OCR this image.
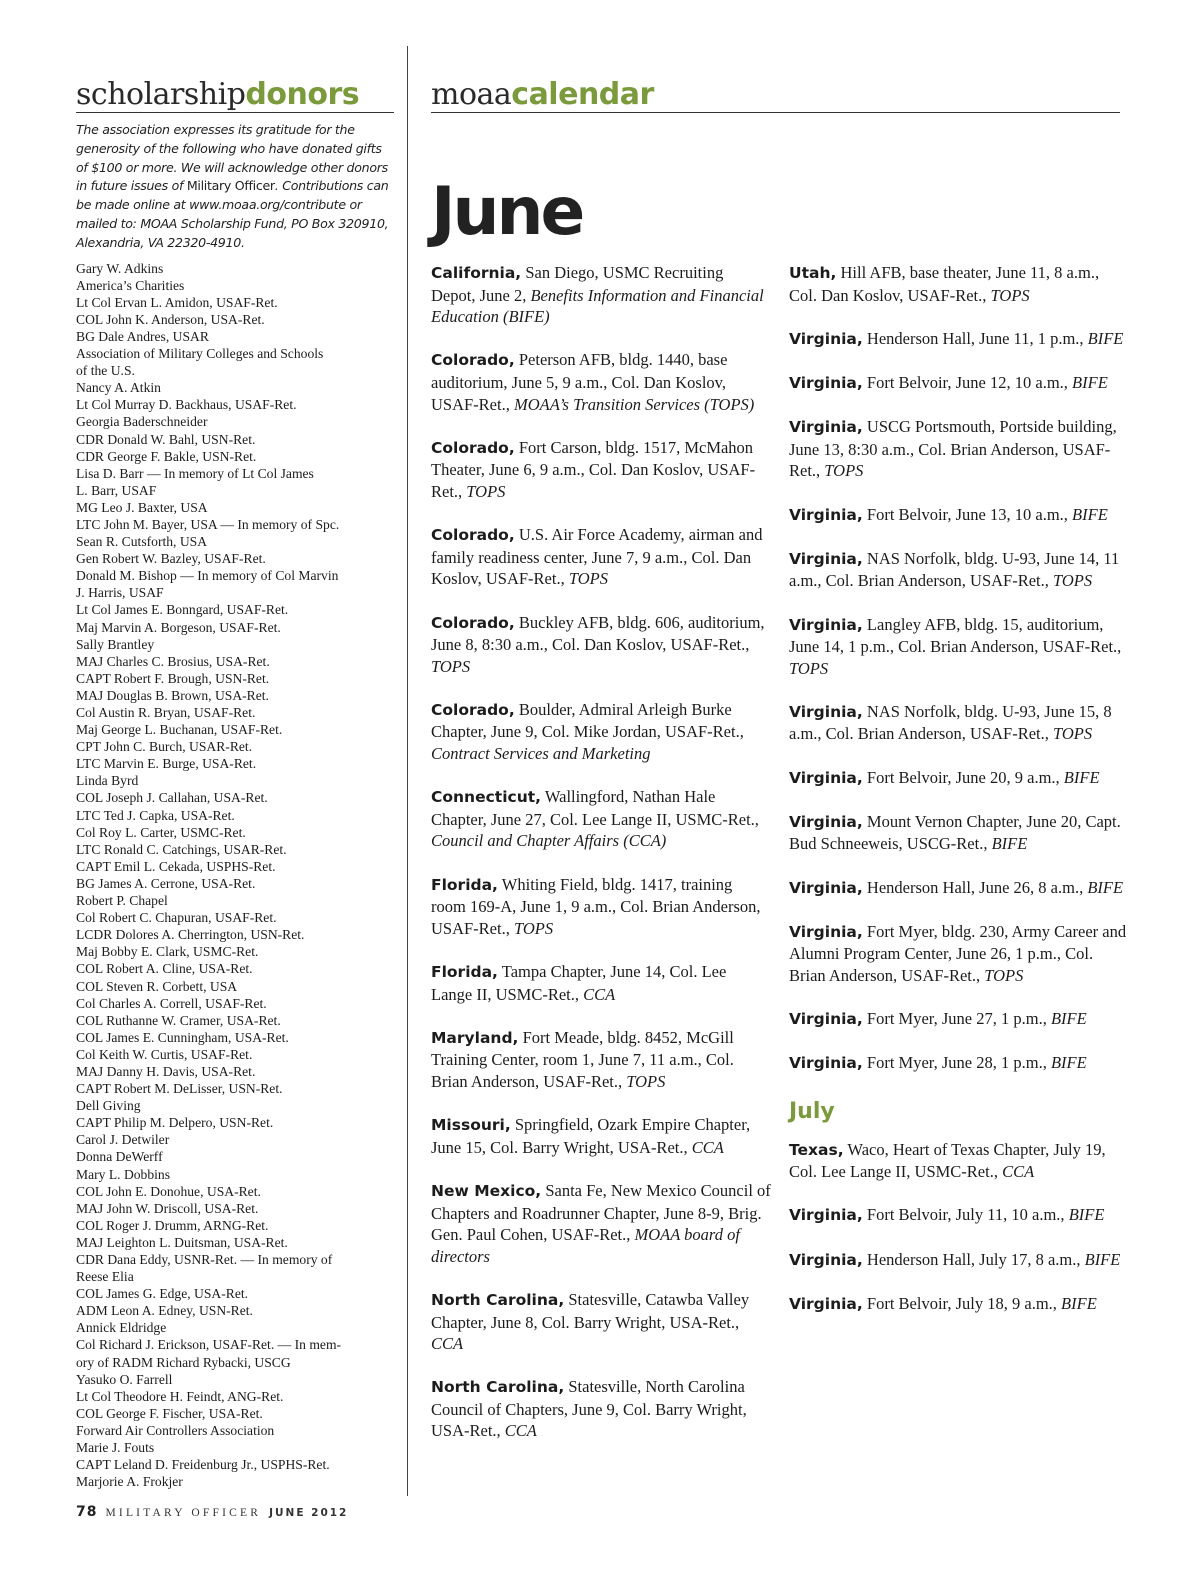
scholarshipdonors
The association expresses its gratitude for the generosity of the following who have donated gifts of $100 or more. We will acknowledge other donors in future issues of Military Officer. Contributions can be made online at www.moaa.org/contribute or mailed to: MOAA Scholarship Fund, PO Box 320910, Alexandria, VA 22320-4910.
Gary W. Adkins
America’s Charities
Lt Col Ervan L. Amidon, USAF-Ret.
COL John K. Anderson, USA-Ret.
BG Dale Andres, USAR
Association of Military Colleges and Schools
of the U.S.
Nancy A. Atkin
Lt Col Murray D. Backhaus, USAF-Ret.
Georgia Baderschneider
CDR Donald W. Bahl, USN-Ret.
CDR George F. Bakle, USN-Ret.
Lisa D. Barr — In memory of Lt Col James
L. Barr, USAF
MG Leo J. Baxter, USA
LTC John M. Bayer, USA — In memory of Spc.
Sean R. Cutsforth, USA
Gen Robert W. Bazley, USAF-Ret.
Donald M. Bishop — In memory of Col Marvin
J. Harris, USAF
Lt Col James E. Bonngard, USAF-Ret.
Maj Marvin A. Borgeson, USAF-Ret.
Sally Brantley
MAJ Charles C. Brosius, USA-Ret.
CAPT Robert F. Brough, USN-Ret.
MAJ Douglas B. Brown, USA-Ret.
Col Austin R. Bryan, USAF-Ret.
Maj George L. Buchanan, USAF-Ret.
CPT John C. Burch, USAR-Ret.
LTC Marvin E. Burge, USA-Ret.
Linda Byrd
COL Joseph J. Callahan, USA-Ret.
LTC Ted J. Capka, USA-Ret.
Col Roy L. Carter, USMC-Ret.
LTC Ronald C. Catchings, USAR-Ret.
CAPT Emil L. Cekada, USPHS-Ret.
BG James A. Cerrone, USA-Ret.
Robert P. Chapel
Col Robert C. Chapuran, USAF-Ret.
LCDR Dolores A. Cherrington, USN-Ret.
Maj Bobby E. Clark, USMC-Ret.
COL Robert A. Cline, USA-Ret.
COL Steven R. Corbett, USA
Col Charles A. Correll, USAF-Ret.
COL Ruthanne W. Cramer, USA-Ret.
COL James E. Cunningham, USA-Ret.
Col Keith W. Curtis, USAF-Ret.
MAJ Danny H. Davis, USA-Ret.
CAPT Robert M. DeLisser, USN-Ret.
Dell Giving
CAPT Philip M. Delpero, USN-Ret.
Carol J. Detwiler
Donna DeWerff
Mary L. Dobbins
COL John E. Donohue, USA-Ret.
MAJ John W. Driscoll, USA-Ret.
COL Roger J. Drumm, ARNG-Ret.
MAJ Leighton L. Duitsman, USA-Ret.
CDR Dana Eddy, USNR-Ret. — In memory of
Reese Elia
COL James G. Edge, USA-Ret.
ADM Leon A. Edney, USN-Ret.
Annick Eldridge
Col Richard J. Erickson, USAF-Ret. — In mem-
ory of RADM Richard Rybacki, USCG
Yasuko O. Farrell
Lt Col Theodore H. Feindt, ANG-Ret.
COL George F. Fischer, USA-Ret.
Forward Air Controllers Association
Marie J. Fouts
CAPT Leland D. Freidenburg Jr., USPHS-Ret.
Marjorie A. Frokjer
moaacalendar
June
California, San Diego, USMC Recruiting Depot, June 2, Benefits Information and Financial Education (BIFE)
Colorado, Peterson AFB, bldg. 1440, base auditorium, June 5, 9 a.m., Col. Dan Koslov, USAF-Ret., MOAA’s Transition Services (TOPS)
Colorado, Fort Carson, bldg. 1517, McMahon Theater, June 6, 9 a.m., Col. Dan Koslov, USAF-Ret., TOPS
Colorado, U.S. Air Force Academy, airman and family readiness center, June 7, 9 a.m., Col. Dan Koslov, USAF-Ret., TOPS
Colorado, Buckley AFB, bldg. 606, auditorium, June 8, 8:30 a.m., Col. Dan Koslov, USAF-Ret., TOPS
Colorado, Boulder, Admiral Arleigh Burke Chapter, June 9, Col. Mike Jordan, USAF-Ret., Contract Services and Marketing
Connecticut, Wallingford, Nathan Hale Chapter, June 27, Col. Lee Lange II, USMC-Ret., Council and Chapter Affairs (CCA)
Florida, Whiting Field, bldg. 1417, training room 169-A, June 1, 9 a.m., Col. Brian Anderson, USAF-Ret., TOPS
Florida, Tampa Chapter, June 14, Col. Lee Lange II, USMC-Ret., CCA
Maryland, Fort Meade, bldg. 8452, McGill Training Center, room 1, June 7, 11 a.m., Col. Brian Anderson, USAF-Ret., TOPS
Missouri, Springfield, Ozark Empire Chapter, June 15, Col. Barry Wright, USA-Ret., CCA
New Mexico, Santa Fe, New Mexico Council of Chapters and Roadrunner Chapter, June 8-9, Brig. Gen. Paul Cohen, USAF-Ret., MOAA board of directors
North Carolina, Statesville, Catawba Valley Chapter, June 8, Col. Barry Wright, USA-Ret., CCA
North Carolina, Statesville, North Carolina Council of Chapters, June 9, Col. Barry Wright, USA-Ret., CCA
Utah, Hill AFB, base theater, June 11, 8 a.m., Col. Dan Koslov, USAF-Ret., TOPS
Virginia, Henderson Hall, June 11, 1 p.m., BIFE
Virginia, Fort Belvoir, June 12, 10 a.m., BIFE
Virginia, USCG Portsmouth, Portside building, June 13, 8:30 a.m., Col. Brian Anderson, USAF-Ret., TOPS
Virginia, Fort Belvoir, June 13, 10 a.m., BIFE
Virginia, NAS Norfolk, bldg. U-93, June 14, 11 a.m., Col. Brian Anderson, USAF-Ret., TOPS
Virginia, Langley AFB, bldg. 15, auditorium, June 14, 1 p.m., Col. Brian Anderson, USAF-Ret., TOPS
Virginia, NAS Norfolk, bldg. U-93, June 15, 8 a.m., Col. Brian Anderson, USAF-Ret., TOPS
Virginia, Fort Belvoir, June 20, 9 a.m., BIFE
Virginia, Mount Vernon Chapter, June 20, Capt. Bud Schneeweis, USCG-Ret., BIFE
Virginia, Henderson Hall, June 26, 8 a.m., BIFE
Virginia, Fort Myer, bldg. 230, Army Career and Alumni Program Center, June 26, 1 p.m., Col. Brian Anderson, USAF-Ret., TOPS
Virginia, Fort Myer, June 27, 1 p.m., BIFE
Virginia, Fort Myer, June 28, 1 p.m., BIFE
July
Texas, Waco, Heart of Texas Chapter, July 19, Col. Lee Lange II, USMC-Ret., CCA
Virginia, Fort Belvoir, July 11, 10 a.m., BIFE
Virginia, Henderson Hall, July 17, 8 a.m., BIFE
Virginia, Fort Belvoir, July 18, 9 a.m., BIFE
78 MILITARY OFFICER JUNE 2012
